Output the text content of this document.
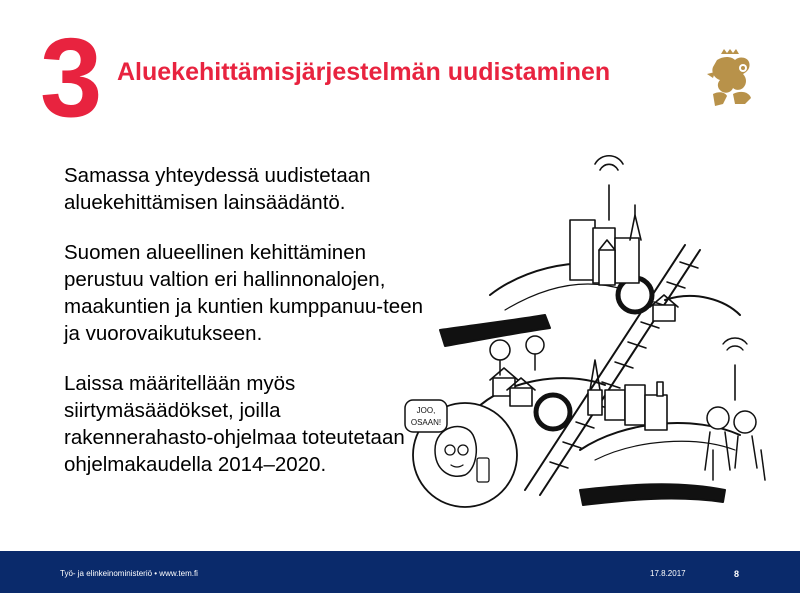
3 Aluekehittämisjärjestelmän uudistaminen

Samassa yhteydessä uudistetaan aluekehittämisen lainsäädäntö.

Suomen alueellinen kehittäminen perustuu valtion eri hallinnonalojen, maakuntien ja kuntien kumppanuu-teen ja vuorovaikutukseen.

Laissa määritellään myös siirtymäsäädökset, joilla rakennerahasto-ohjelmaa toteutetaan ohjelmakaudella 2014–2020.

JOO,
OSAAN!
Työ- ja elinkeinoministeriö • www.tem.fi	17.8.2017	8
